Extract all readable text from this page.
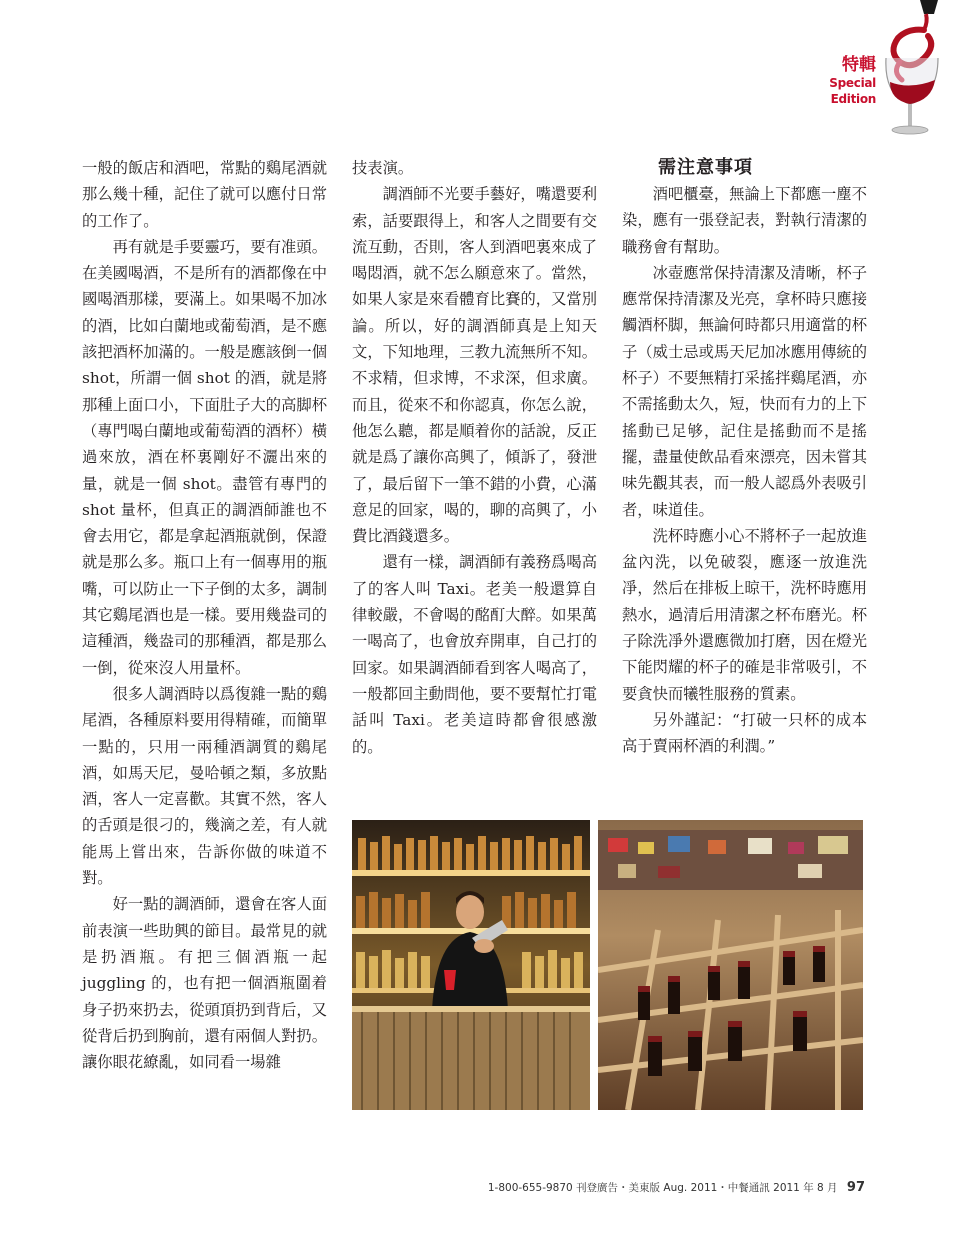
特輯
Special Edition

一般的飯店和酒吧，常點的鷄尾酒就那么幾十種，記住了就可以應付日常的工作了。

再有就是手要靈巧，要有准頭。在美國喝酒，不是所有的酒都像在中國喝酒那樣，要滿上。如果喝不加冰的酒，比如白蘭地或葡萄酒，是不應該把酒杯加滿的。一般是應該倒一個 shot，所謂一個 shot 的酒，就是將那種上面口小，下面肚子大的高脚杯（專門喝白蘭地或葡萄酒的酒杯）橫過來放，酒在杯裏剛好不灑出來的量，就是一個 shot。盡管有專門的 shot 量杯，但真正的調酒師誰也不會去用它，都是拿起酒瓶就倒，保證就是那么多。瓶口上有一個專用的瓶嘴，可以防止一下子倒的太多，調制其它鷄尾酒也是一樣。要用幾盎司的這種酒，幾盎司的那種酒，都是那么一倒，從來沒人用量杯。

很多人調酒時以爲復雜一點的鷄尾酒，各種原料要用得精確，而簡單一點的，只用一兩種酒調質的鷄尾酒，如馬天尼，曼哈頓之類，多放點酒，客人一定喜歡。其實不然，客人的舌頭是很刁的，幾滴之差，有人就能馬上嘗出來，告訴你做的味道不對。

好一點的調酒師，還會在客人面前表演一些助興的節目。最常見的就是扔酒瓶。有把三個酒瓶一起 juggling 的，也有把一個酒瓶圍着身子扔來扔去，從頭頂扔到背后，又從背后扔到胸前，還有兩個人對扔。讓你眼花繚亂，如同看一場雜

技表演。

調酒師不光要手藝好，嘴還要利索，話要跟得上，和客人之間要有交流互動，否則，客人到酒吧裏來成了喝悶酒，就不怎么願意來了。當然，如果人家是來看體育比賽的，又當別論。所以，好的調酒師真是上知天文，下知地理，三教九流無所不知。不求精，但求博，不求深，但求廣。而且，從來不和你認真，你怎么說，他怎么聽，都是順着你的話說，反正就是爲了讓你高興了，傾訴了，發泄了，最后留下一筆不錯的小費，心滿意足的回家，喝的，聊的高興了，小費比酒錢還多。

還有一樣，調酒師有義務爲喝高了的客人叫 Taxi。老美一般還算自律較嚴，不會喝的酩酊大醉。如果萬一喝高了，也會放弃開車，自己打的回家。如果調酒師看到客人喝高了，一般都回主動問他，要不要幫忙打電話叫 Taxi。老美這時都會很感激的。

需注意事項

酒吧櫃臺，無論上下都應一塵不染，應有一張登記表，對執行清潔的職務會有幫助。

冰壺應常保持清潔及清晰，杯子應常保持清潔及光亮，拿杯時只應接觸酒杯脚，無論何時都只用適當的杯子（威士忌或馬天尼加冰應用傳統的杯子）不要無精打采搖拌鷄尾酒，亦不需搖動太久，短，快而有力的上下搖動已足够，記住是搖動而不是搖擺，盡量使飲品看來漂亮，因未嘗其味先觀其表，而一般人認爲外表吸引者，味道佳。

洗杯時應小心不將杯子一起放進盆內洗，以免破裂，應逐一放進洗凈，然后在排板上晾干，洗杯時應用熱水，過清后用清潔之杯布磨光。杯子除洗凈外還應微加打磨，因在燈光下能閃耀的杯子的確是非常吸引，不要貪快而犧牲服務的質素。

另外謹記：“打破一只杯的成本高于賣兩杯酒的利潤。”

1-800-655-9870 刊登廣告・美東版 Aug. 2011・中餐通訊 2011 年 8 月 97
